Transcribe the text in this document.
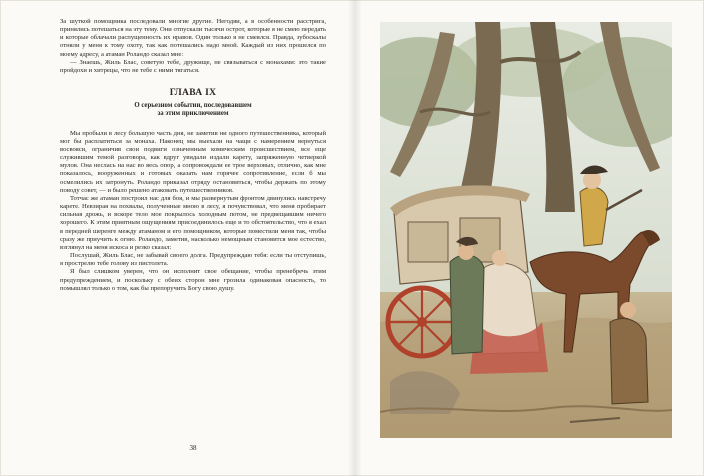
За шуткой помощника последовали многие другие. Негодяи, а в особенности расстрига, принялись потешаться на эту тему. Они отпускали тысячи острот, которые я не смею передать и которые облачали распущенность их нравов. Один только я не смеялся. Правда, зубоскалы отняли у меня к тому охоту, так как потешались надо мной. Каждый из них прошелся по моему адресу, а атаман Роландо сказал мне:

— Знаешь, Жиль Блас, советую тебе, дружище, не связываться с монахами: это такие пройдохи и хитрецы, что не тебе с ними тягаться.

ГЛАВА IX
О серьезном событии, последовавшем
за этим приключением

Мы пробыли в лесу большую часть дня, не заметив ни одного путешественника, который мог бы расплатиться за монаха. Наконец мы выехали на чащи с намерением вернуться восвояси, ограничив свои подвиги означенным комическим происшествием, все еще служившим темой разговора, как вдруг увидали издали карету, запряженную четверкой мулов. Она неслась на нас во весь опор, а сопровождали ее трое верховых, отлично, как мне показалось, вооруженных и готовых оказать нам горячее сопротивление, если б мы осмелились их затронуть. Роландо приказал отряду остановиться, чтобы держать по этому поводу совет, — и было решено атаковать путешественников.

Тотчас же атаман построил нас для боя, и мы развернутым фронтом двинулись навстречу карете. Невзирая на похвалы, полученные мною в лесу, я почувствовал, что меня пробирает сильная дрожь, и вскоре тело мое покрылось холодным потом, не предвещавшим ничего хорошего. К этим приятным ощущениям присоединилось еще и то обстоятельство, что я ехал в передней шеренге между атаманом и его помощником, которые поместили меня так, чтобы сразу же приучить к огню. Роландо, заметив, насколько немощным становится мое естество, взглянул на меня искоса и резко сказал:

Послушай, Жиль Блас, не забывай своего долга. Предупреждаю тебя: если ты отступишь, я прострелю тебе голову из пистолета.

Я был слишком уверен, что он исполнит свое обещание, чтобы пренебречь этим предупреждением, и поскольку с обеих сторон мне грозила одинаковая опасность, то помышлял только о том, как бы препоручить Богу свою душу.

38
